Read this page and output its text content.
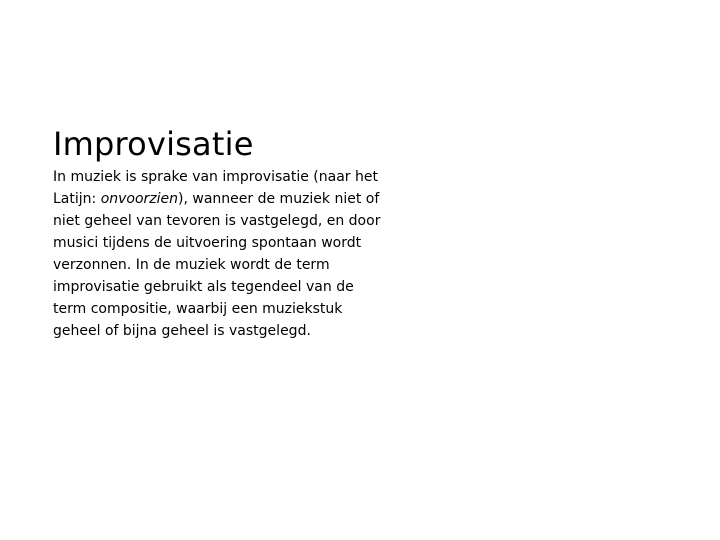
Improvisatie
In muziek is sprake van improvisatie (naar het
Latijn: onvoorzien), wanneer de muziek niet of
niet geheel van tevoren is vastgelegd, en door
musici tijdens de uitvoering spontaan wordt
verzonnen. In de muziek wordt de term
improvisatie gebruikt als tegendeel van de
term compositie, waarbij een muziekstuk
geheel of bijna geheel is vastgelegd.
